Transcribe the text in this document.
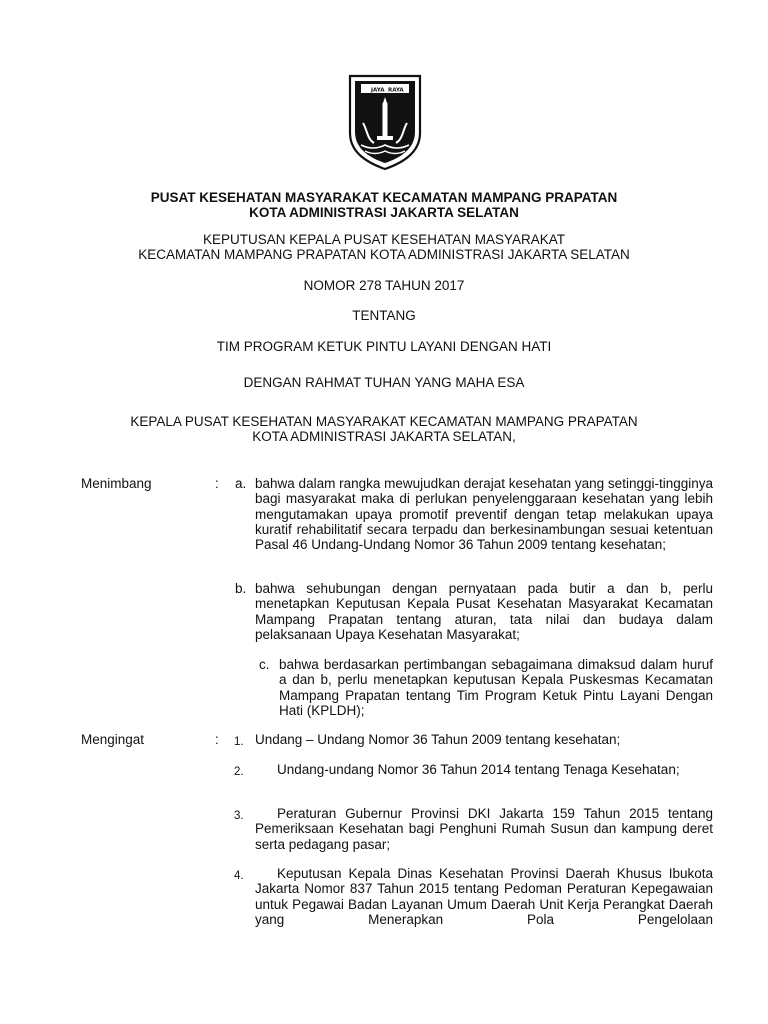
JAYA RAYA
PUSAT KESEHATAN MASYARAKAT KECAMATAN MAMPANG PRAPATAN
KOTA ADMINISTRASI JAKARTA SELATAN
KEPUTUSAN KEPALA PUSAT KESEHATAN MASYARAKAT
KECAMATAN MAMPANG PRAPATAN KOTA ADMINISTRASI JAKARTA SELATAN
NOMOR 278 TAHUN 2017
TENTANG
TIM PROGRAM KETUK PINTU LAYANI DENGAN HATI
DENGAN RAHMAT TUHAN YANG MAHA ESA
KEPALA PUSAT KESEHATAN MASYARAKAT KECAMATAN MAMPANG PRAPATAN
KOTA ADMINISTRASI JAKARTA SELATAN,
Menimbang	: a. bahwa dalam rangka mewujudkan derajat kesehatan yang setinggi-tingginya bagi masyarakat maka di perlukan penyelenggaraan kesehatan yang lebih mengutamakan upaya promotif preventif dengan tetap melakukan upaya kuratif rehabilitatif secara terpadu dan berkesinambungan sesuai ketentuan Pasal 46 Undang-Undang Nomor 36 Tahun 2009 tentang kesehatan;

b. bahwa sehubungan dengan pernyataan pada butir a dan b, perlu menetapkan Keputusan Kepala Pusat Kesehatan Masyarakat Kecamatan Mampang Prapatan tentang aturan, tata nilai dan budaya dalam pelaksanaan Upaya Kesehatan Masyarakat;

c. bahwa berdasarkan pertimbangan sebagaimana dimaksud dalam huruf a dan b, perlu menetapkan keputusan Kepala Puskesmas Kecamatan Mampang Prapatan tentang Tim Program Ketuk Pintu Layani Dengan Hati (KPLDH);

Mengingat	: 1. Undang – Undang Nomor 36 Tahun 2009 tentang kesehatan;

2.	Undang-undang Nomor 36 Tahun 2014 tentang Tenaga Kesehatan;

3.	Peraturan Gubernur Provinsi DKI Jakarta 159 Tahun 2015 tentang Pemeriksaan Kesehatan bagi Penghuni Rumah Susun dan kampung deret serta pedagang pasar;

4.	Keputusan Kepala Dinas Kesehatan Provinsi Daerah Khusus Ibukota Jakarta Nomor 837 Tahun 2015 tentang Pedoman Peraturan Kepegawaian untuk Pegawai Badan Layanan Umum Daerah Unit Kerja Perangkat Daerah yang Menerapkan Pola Pengelolaan
